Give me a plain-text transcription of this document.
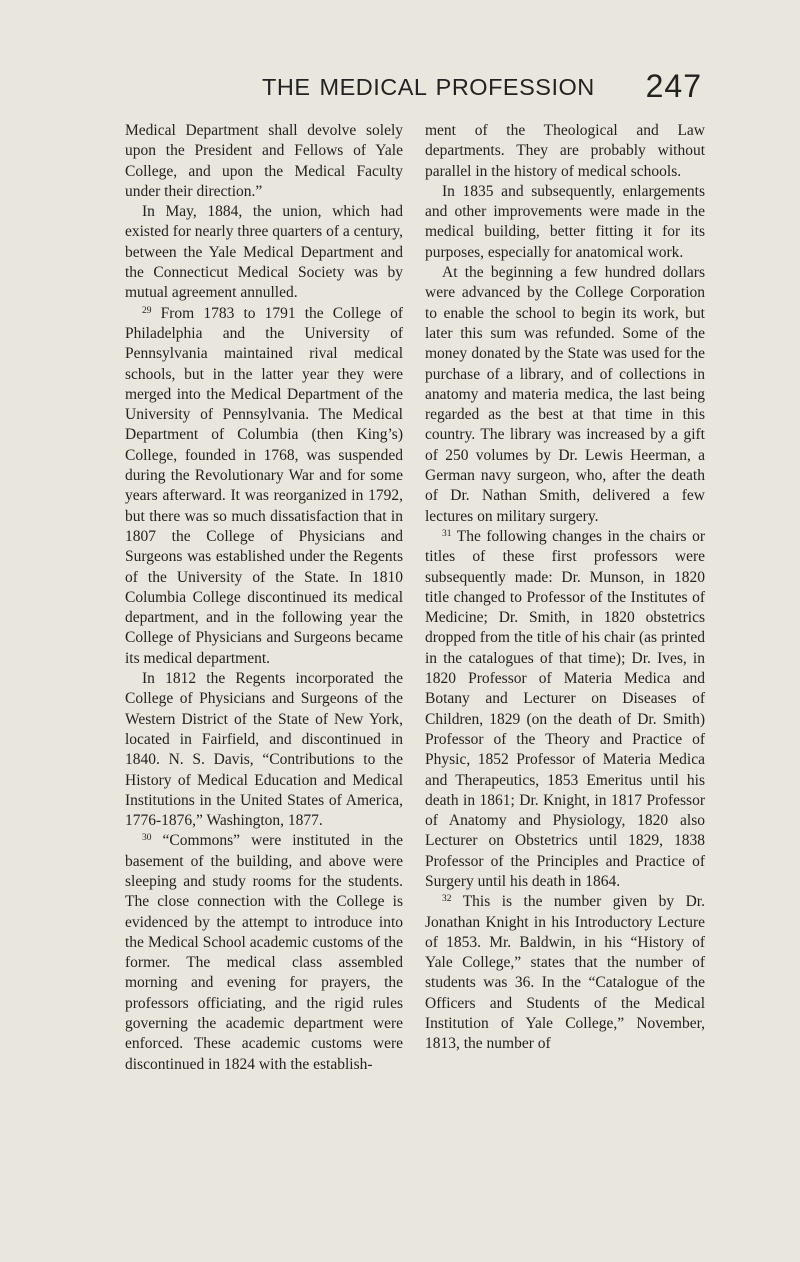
THE MEDICAL PROFESSION 247

Medical Department shall devolve solely upon the President and Fellows of Yale College, and upon the Medical Faculty under their direction.”

In May, 1884, the union, which had existed for nearly three quarters of a century, between the Yale Medical Department and the Connecticut Medical Society was by mutual agreement annulled.

$^{29}$ From 1783 to 1791 the College of Philadelphia and the University of Pennsylvania maintained rival medical schools, but in the latter year they were merged into the Medical Department of the University of Pennsylvania. The Medical Department of Columbia (then King’s) College, founded in 1768, was suspended during the Revolutionary War and for some years afterward. It was reorganized in 1792, but there was so much dissatisfaction that in 1807 the College of Physicians and Surgeons was established under the Regents of the University of the State. In 1810 Columbia College discontinued its medical department, and in the following year the College of Physicians and Surgeons became its medical department.

In 1812 the Regents incorporated the College of Physicians and Surgeons of the Western District of the State of New York, located in Fairfield, and discontinued in 1840. N. S. Davis, “Contributions to the History of Medical Education and Medical Institutions in the United States of America, 1776-1876,” Washington, 1877.

$^{30}$ “Commons” were instituted in the basement of the building, and above were sleeping and study rooms for the students. The close connection with the College is evidenced by the attempt to introduce into the Medical School academic customs of the former. The medical class assembled morning and evening for prayers, the professors officiating, and the rigid rules governing the academic department were enforced. These academic customs were discontinued in 1824 with the establish-

ment of the Theological and Law departments. They are probably without parallel in the history of medical schools.

In 1835 and subsequently, enlargements and other improvements were made in the medical building, better fitting it for its purposes, especially for anatomical work.

At the beginning a few hundred dollars were advanced by the College Corporation to enable the school to begin its work, but later this sum was refunded. Some of the money donated by the State was used for the purchase of a library, and of collections in anatomy and materia medica, the last being regarded as the best at that time in this country. The library was increased by a gift of 250 volumes by Dr. Lewis Heerman, a German navy surgeon, who, after the death of Dr. Nathan Smith, delivered a few lectures on military surgery.

$^{31}$ The following changes in the chairs or titles of these first professors were subsequently made: Dr. Munson, in 1820 title changed to Professor of the Institutes of Medicine; Dr. Smith, in 1820 obstetrics dropped from the title of his chair (as printed in the catalogues of that time); Dr. Ives, in 1820 Professor of Materia Medica and Botany and Lecturer on Diseases of Children, 1829 (on the death of Dr. Smith) Professor of the Theory and Practice of Physic, 1852 Professor of Materia Medica and Therapeutics, 1853 Emeritus until his death in 1861; Dr. Knight, in 1817 Professor of Anatomy and Physiology, 1820 also Lecturer on Obstetrics until 1829, 1838 Professor of the Principles and Practice of Surgery until his death in 1864.

$^{32}$ This is the number given by Dr. Jonathan Knight in his Introductory Lecture of 1853. Mr. Baldwin, in his “History of Yale College,” states that the number of students was 36. In the “Catalogue of the Officers and Students of the Medical Institution of Yale College,” November, 1813, the number of
